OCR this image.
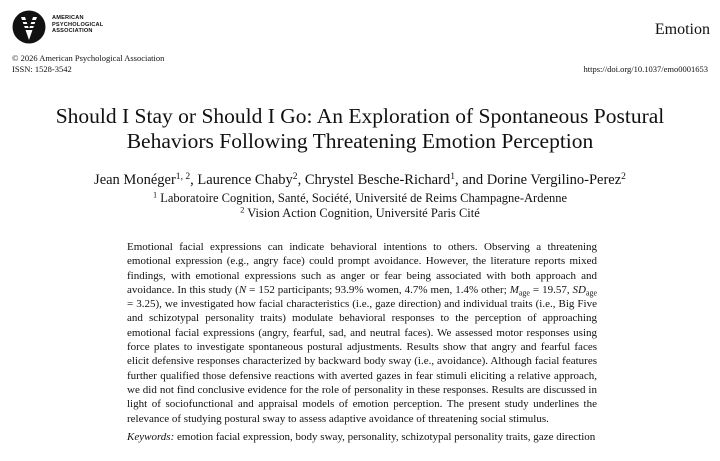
AMERICAN
PSYCHOLOGICAL
ASSOCIATION	Emotion
© 2026 American Psychological Association
ISSN: 1528-3542	https://doi.org/10.1037/emo0001653
Should I Stay or Should I Go: An Exploration of Spontaneous Postural
Behaviors Following Threatening Emotion Perception
Jean Monéger$^{1, 2}$, Laurence Chaby$^2$, Chrystel Besche-Richard$^1$, and Dorine Vergilino-Perez$^2$
$^1$ Laboratoire Cognition, Santé, Société, Université de Reims Champagne-Ardenne
$^2$ Vision Action Cognition, Université Paris Cité

Emotional facial expressions can indicate behavioral intentions to others. Observing a threatening emotional expression (e.g., angry face) could prompt avoidance. However, the literature reports mixed findings, with emotional expressions such as anger or fear being associated with both approach and avoidance. In this study (N = 152 participants; 93.9% women, 4.7% men, 1.4% other; $M_{age} = 19.57$, $SD_{age} = 3.25$), we investigated how facial characteristics (i.e., gaze direction) and individual traits (i.e., Big Five and schizotypal personality traits) modulate behavioral responses to the perception of approaching emotional facial expressions (angry, fearful, sad, and neutral faces). We assessed motor responses using force plates to investigate spontaneous postural adjustments. Results show that angry and fearful faces elicit defensive responses characterized by backward body sway (i.e., avoidance). Although facial features further qualified those defensive reactions with averted gazes in fear stimuli eliciting a relative approach, we did not find conclusive evidence for the role of personality in these responses. Results are discussed in light of sociofunctional and appraisal models of emotion perception. The present study underlines the relevance of studying postural sway to assess adaptive avoidance of threatening social stimulus.

Keywords: emotion facial expression, body sway, personality, schizotypal personality traits, gaze direction
